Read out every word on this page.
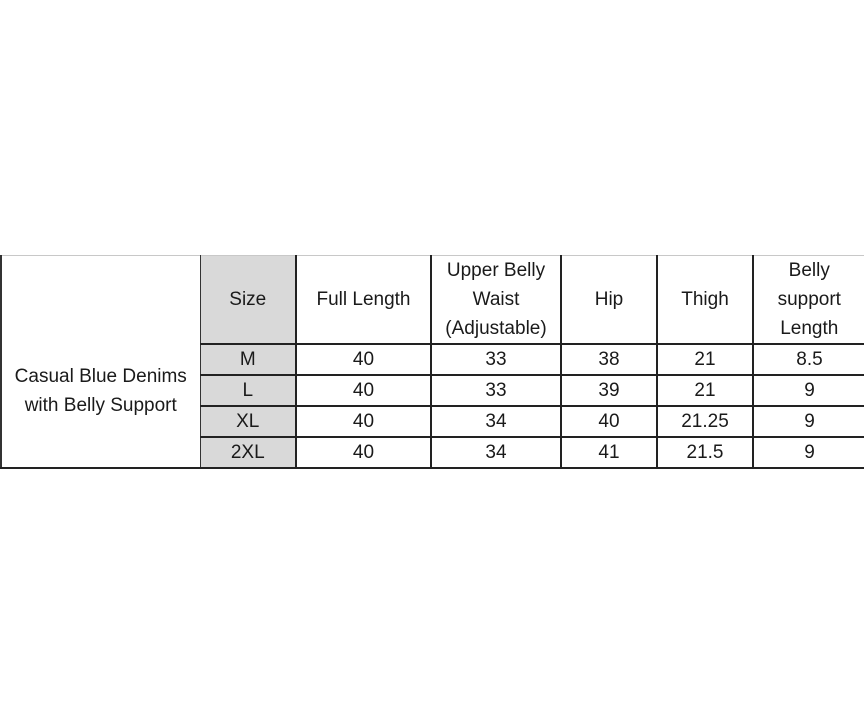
Casual Blue Denims with Belly Support	Size	Full Length	Upper Belly
Waist
(Adjustable)	Hip	Thigh	Belly
support
Length
	M	40	33	38	21	8.5
	L	40	33	39	21	9
	XL	40	34	40	21.25	9
	2XL	40	34	41	21.5	9
